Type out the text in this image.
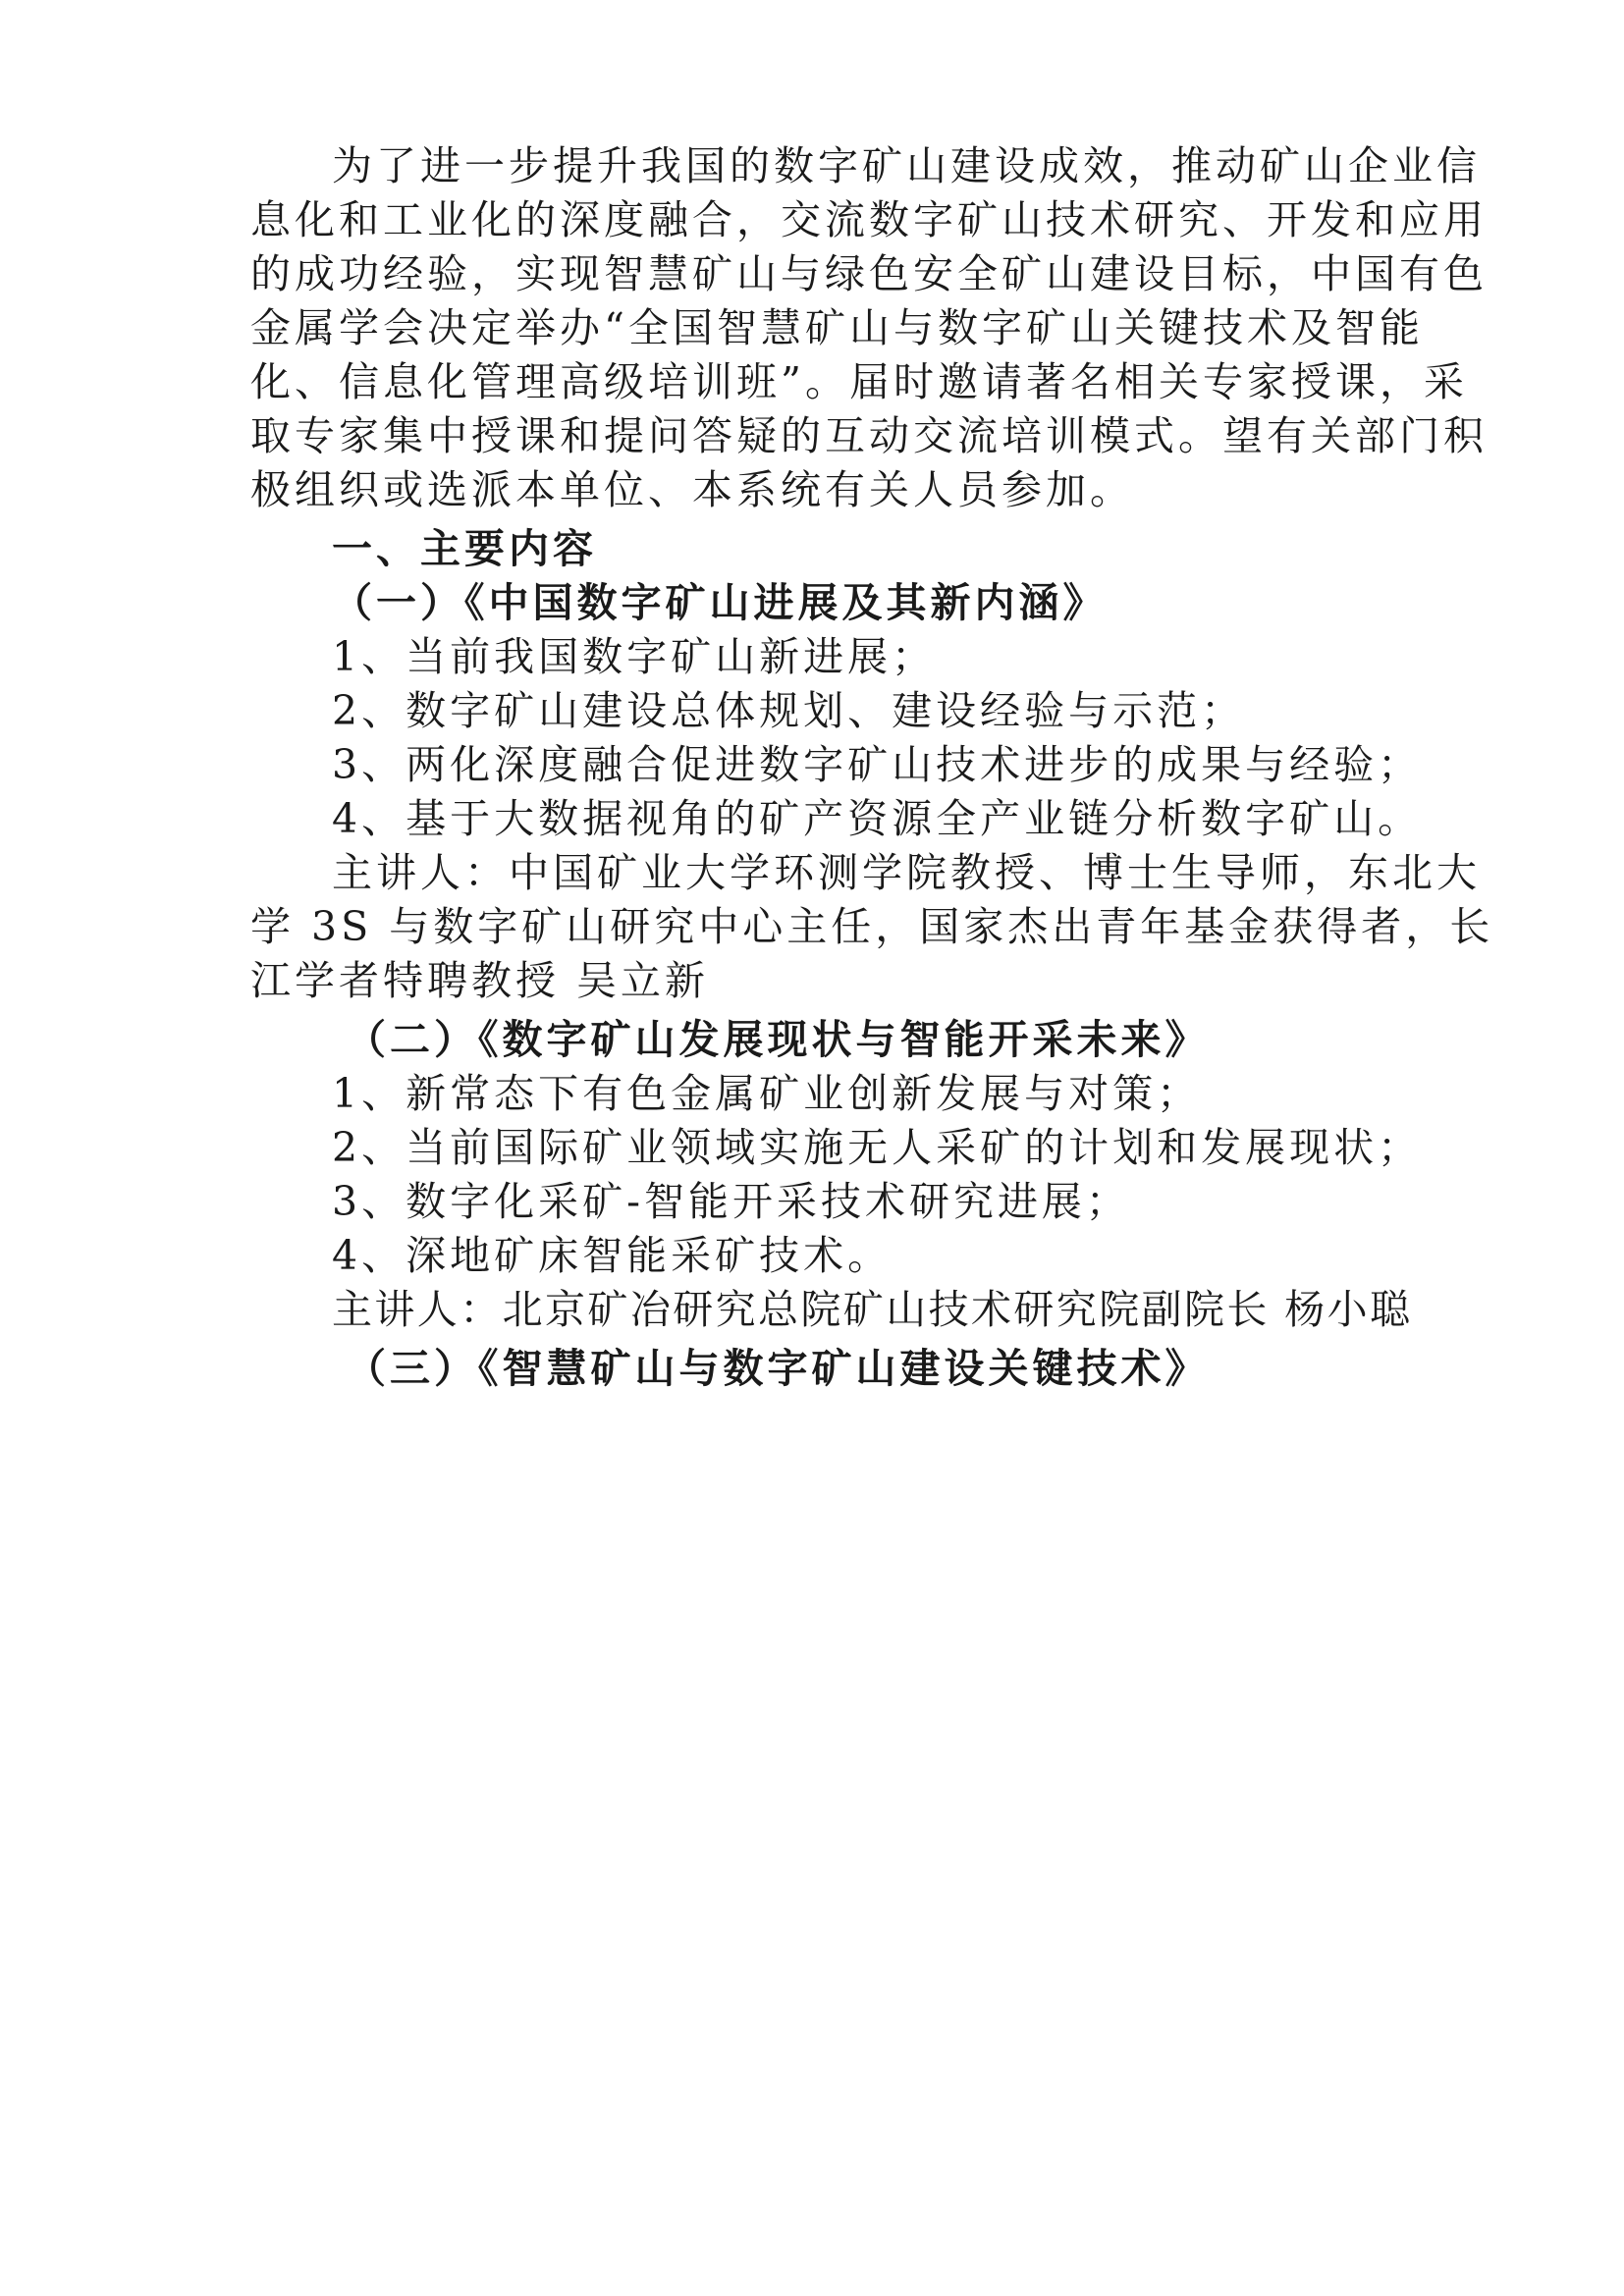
为了进一步提升我国的数字矿山建设成效，推动矿山企业信
息化和工业化的深度融合，交流数字矿山技术研究、开发和应用
的成功经验，实现智慧矿山与绿色安全矿山建设目标，中国有色
金属学会决定举办“全国智慧矿山与数字矿山关键技术及智能
化、信息化管理高级培训班”。届时邀请著名相关专家授课，采
取专家集中授课和提问答疑的互动交流培训模式。望有关部门积
极组织或选派本单位、本系统有关人员参加。
一、主要内容
（一）《中国数字矿山进展及其新内涵》
1、当前我国数字矿山新进展；
2、数字矿山建设总体规划、建设经验与示范；
3、两化深度融合促进数字矿山技术进步的成果与经验；
4、基于大数据视角的矿产资源全产业链分析数字矿山。
主讲人：中国矿业大学环测学院教授、博士生导师，东北大
学 3S 与数字矿山研究中心主任，国家杰出青年基金获得者，长
江学者特聘教授 吴立新
（二）《数字矿山发展现状与智能开采未来》
1、新常态下有色金属矿业创新发展与对策；
2、当前国际矿业领域实施无人采矿的计划和发展现状；
3、数字化采矿-智能开采技术研究进展；
4、深地矿床智能采矿技术。
主讲人：北京矿冶研究总院矿山技术研究院副院长 杨小聪
（三）《智慧矿山与数字矿山建设关键技术》
